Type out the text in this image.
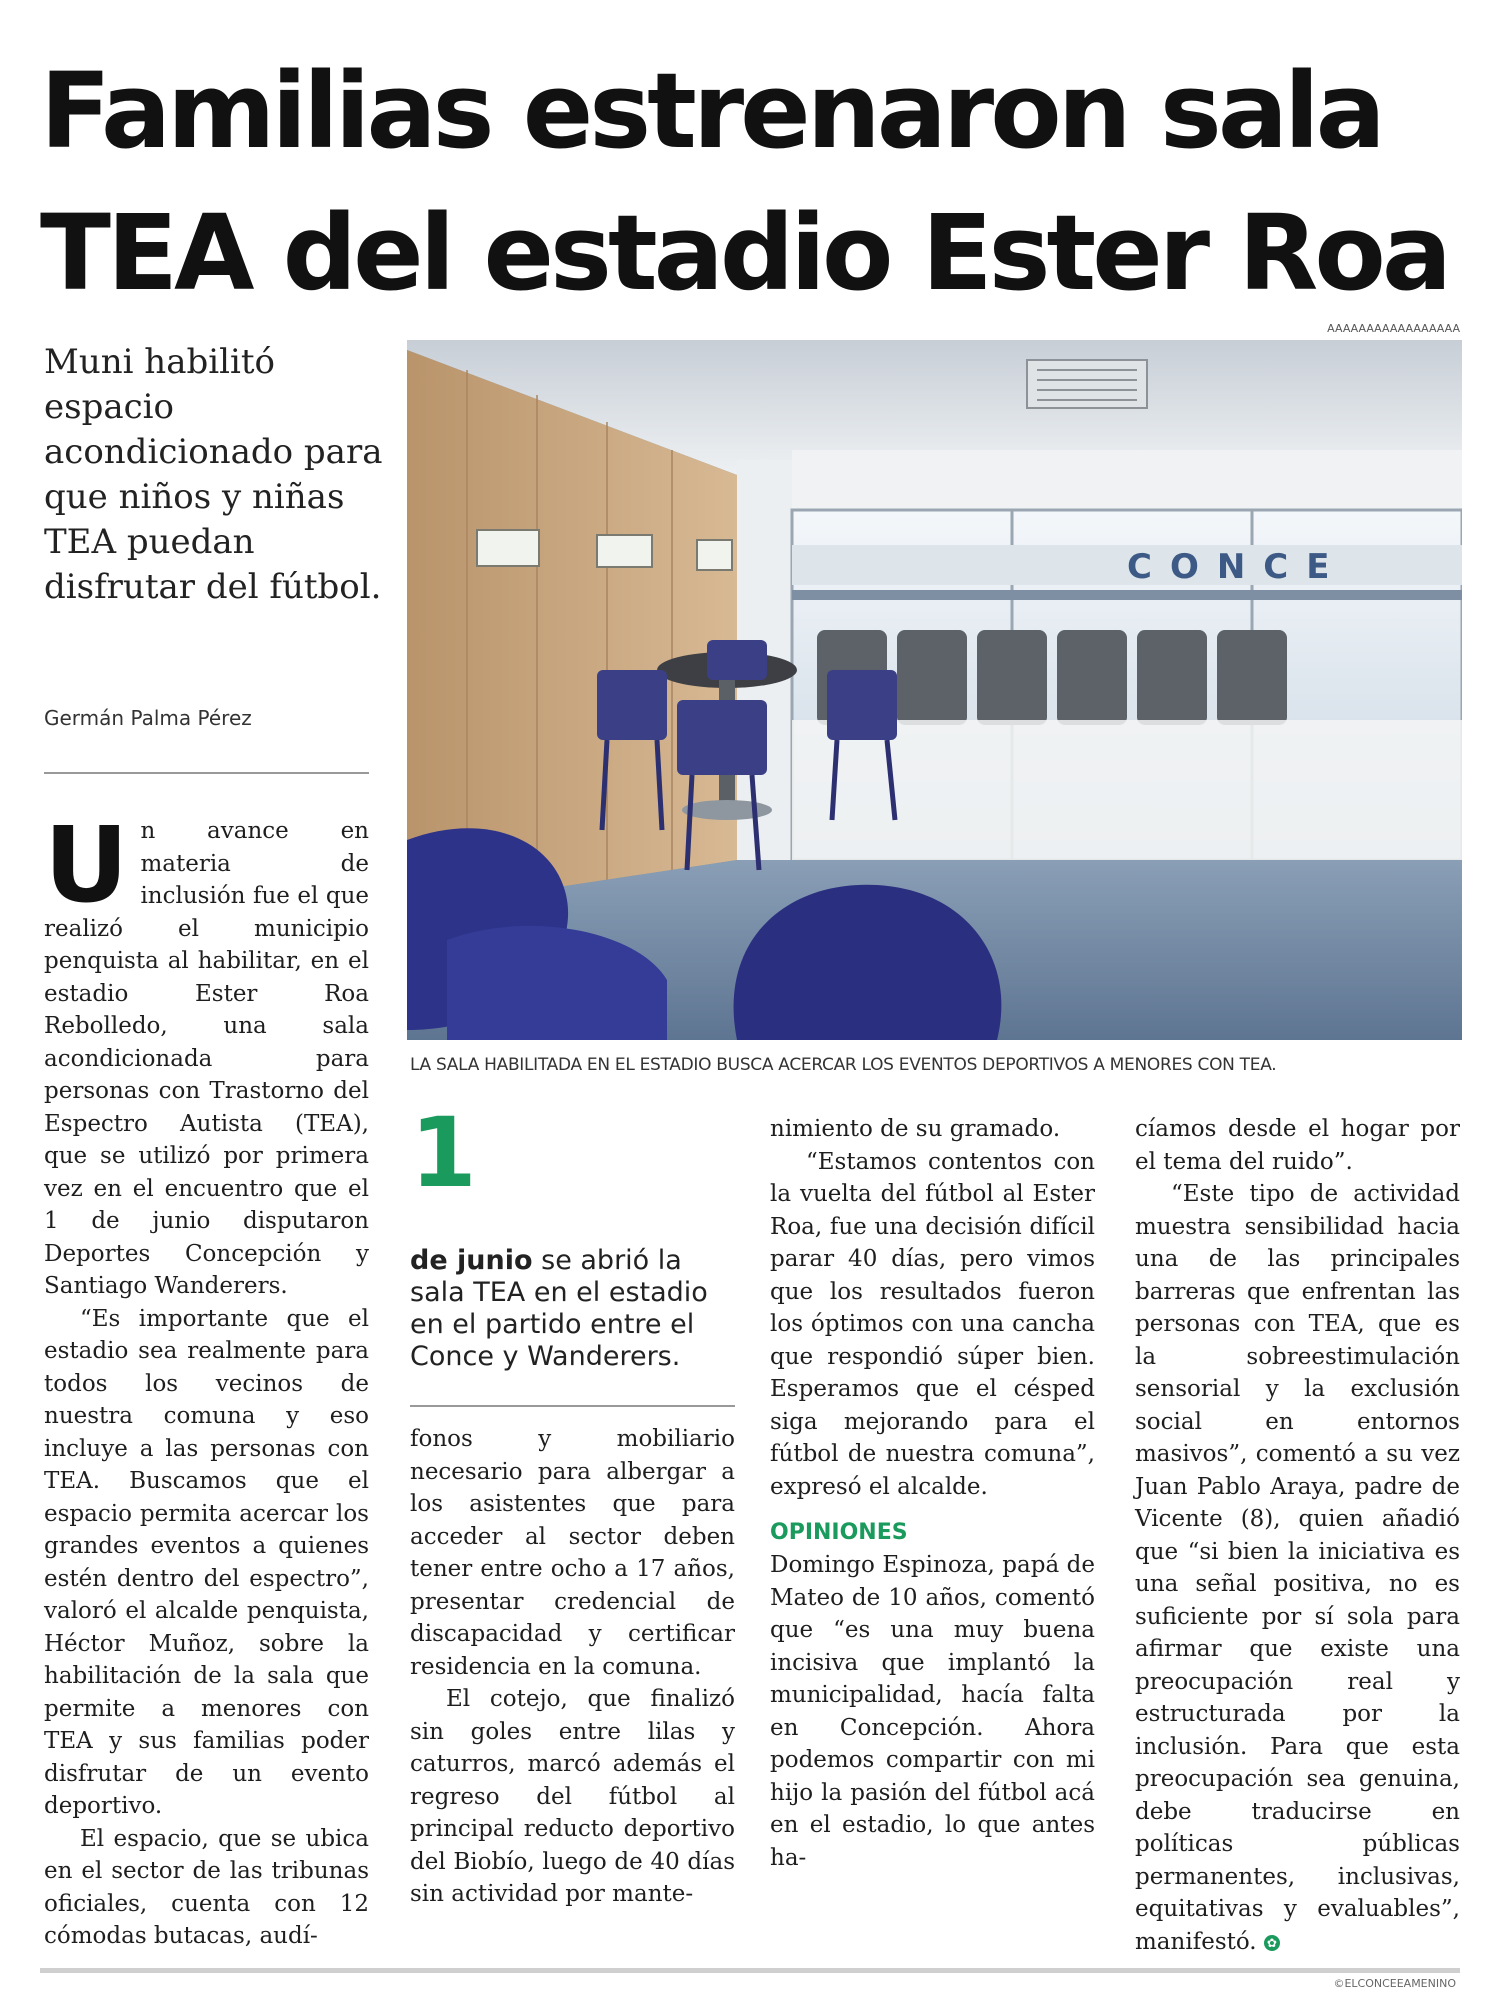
Familias estrenaron sala
TEA del estadio Ester Roa
AAAAAAAAAAAAAAAAA
Muni habilitó espacio acondicionado para que niños y niñas TEA puedan disfrutar del fútbol.
Germán Palma Pérez
CONCE
LA SALA HABILITADA EN EL ESTADIO BUSCA ACERCAR LOS EVENTOS DEPORTIVOS A MENORES CON TEA.

Un avance en materia de inclusión fue el que realizó el municipio penquista al habilitar, en el estadio Ester Roa Rebolledo, una sala acondicionada para personas con Trastorno del Espectro Autista (TEA), que se utilizó por primera vez en el encuentro que el 1 de junio disputaron Deportes Concepción y Santiago Wanderers.

“Es importante que el estadio sea realmente para todos los vecinos de nuestra comuna y eso incluye a las personas con TEA. Buscamos que el espacio permita acercar los grandes eventos a quienes estén dentro del espectro”, valoró el alcalde penquista, Héctor Muñoz, sobre la habilitación de la sala que permite a menores con TEA y sus familias poder disfrutar de un evento deportivo.

El espacio, que se ubica en el sector de las tribunas oficiales, cuenta con 12 cómodas butacas, audí-

1
de junio se abrió la sala TEA en el estadio en el partido entre el Conce y Wanderers.

fonos y mobiliario necesario para albergar a los asistentes que para acceder al sector deben tener entre ocho a 17 años, presentar credencial de discapacidad y certificar residencia en la comuna.

El cotejo, que finalizó sin goles entre lilas y caturros, marcó además el regreso del fútbol al principal reducto deportivo del Biobío, luego de 40 días sin actividad por mante-

nimiento de su gramado.

“Estamos contentos con la vuelta del fútbol al Ester Roa, fue una decisión difícil parar 40 días, pero vimos que los resultados fueron los óptimos con una cancha que respondió súper bien. Esperamos que el césped siga mejorando para el fútbol de nuestra comuna”, expresó el alcalde.

OPINIONES

Domingo Espinoza, papá de Mateo de 10 años, comentó que “es una muy buena incisiva que implantó la municipalidad, hacía falta en Concepción. Ahora podemos compartir con mi hijo la pasión del fútbol acá en el estadio, lo que antes ha-

cíamos desde el hogar por el tema del ruido”.

“Este tipo de actividad muestra sensibilidad hacia una de las principales barreras que enfrentan las personas con TEA, que es la sobreestimulación sensorial y la exclusión social en entornos masivos”, comentó a su vez Juan Pablo Araya, padre de Vicente (8), quien añadió que “si bien la iniciativa es una señal positiva, no es suficiente por sí sola para afirmar que existe una preocupación real y estructurada por la inclusión. Para que esta preocupación sea genuina, debe traducirse en políticas públicas permanentes, inclusivas, equitativas y evaluables”, manifestó. ✿

©ELCONCEEAMENINO
